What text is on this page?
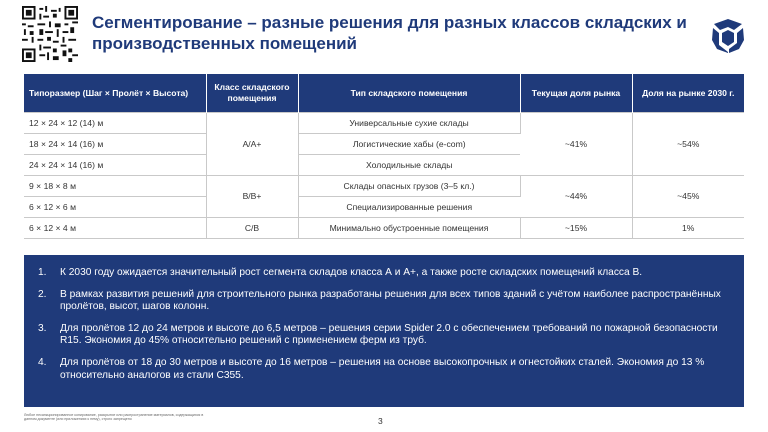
Сегментирование – разные решения для разных классов складских и производственных помещений
Типоразмер (Шаг × Пролёт × Высота)	Класс складского помещения	Тип складского помещения	Текущая доля рынка	Доля на рынке 2030 г.
12 × 24 × 12 (14) м	A/A+	Универсальные сухие склады	~41%	~54%
18 × 24 × 14 (16) м		Логистические хабы (e-com)		
24 × 24 × 14 (16) м		Холодильные склады		
9 × 18 × 8 м	B/B+	Склады опасных грузов (3–5 кл.)	~44%	~45%
6 × 12 × 6 м		Специализированные решения		
6 × 12 × 4 м	C/B	Минимально обустроенные помещения	~15%	1%
1.	К 2030 году ожидается значительный рост сегмента складов класса А и А+, а также росте складских помещений класса В.
2.	В рамках развития решений для строительного рынка разработаны решения для всех типов зданий с учётом наиболее распространённых пролётов, высот, шагов колонн.
3.	Для пролётов 12 до 24 метров и высоте до 6,5 метров – решения серии Spider 2.0 с обеспечением требований по пожарной безопасности R15. Экономия до 45% относительно решений с применением ферм из труб.
4.	Для пролётов от 18 до 30 метров и высоте до 16 метров – решения на основе высокопрочных и огнестойких сталей. Экономия до 13 % относительно аналогов из стали С355.
Любое несанкционированное копирование, раскрытие или распространение материалов, содержащихся в данном документе (или приложениях к нему), строго запрещено	3
